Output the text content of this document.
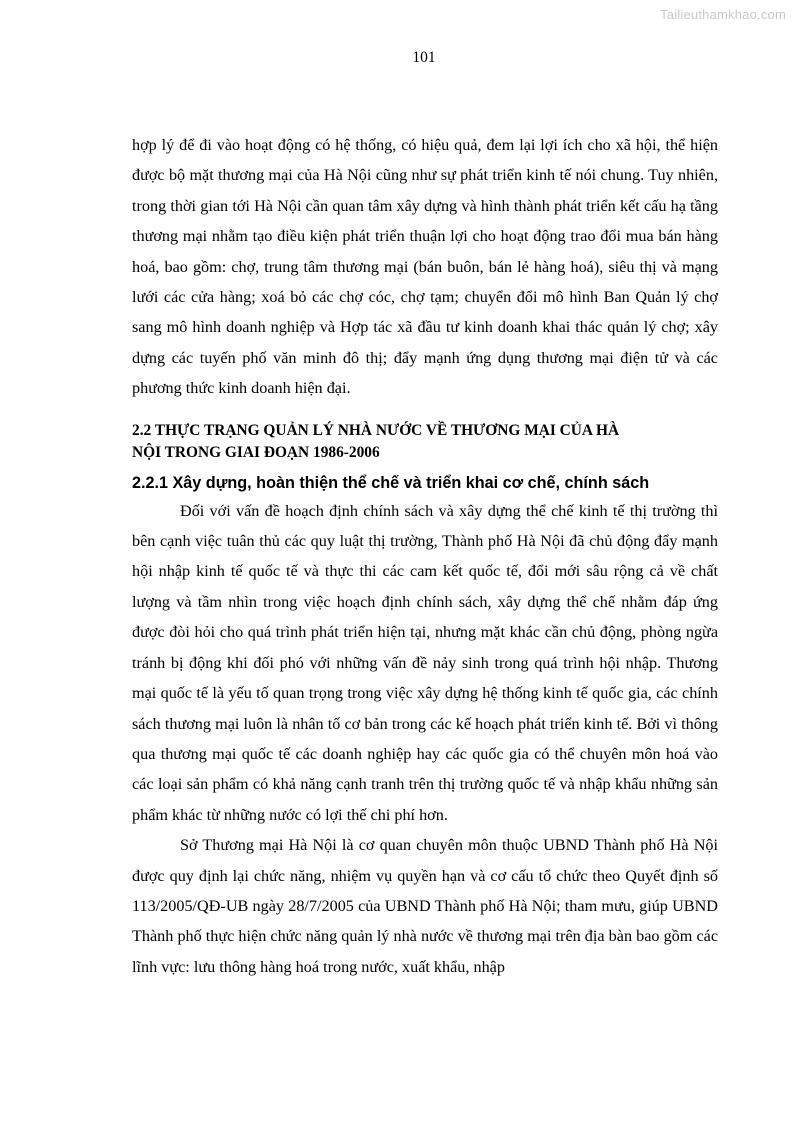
Tailieuthamkhao.com
101

hợp lý để đi vào hoạt động có hệ thống, có hiệu quả, đem lại lợi ích cho xã hội, thể hiện được bộ mặt thương mại của Hà Nội cũng như sự phát triển kinh tế nói chung. Tuy nhiên, trong thời gian tới Hà Nội cần quan tâm xây dựng và hình thành phát triển kết cấu hạ tầng thương mại nhằm tạo điều kiện phát triển thuận lợi cho hoạt động trao đổi mua bán hàng hoá, bao gồm: chợ, trung tâm thương mại (bán buôn, bán lẻ hàng hoá), siêu thị và mạng lưới các cửa hàng; xoá bỏ các chợ cóc, chợ tạm; chuyển đổi mô hình Ban Quản lý chợ sang mô hình doanh nghiệp và Hợp tác xã đầu tư kinh doanh khai thác quản lý chợ; xây dựng các tuyến phố văn minh đô thị; đẩy mạnh ứng dụng thương mại điện tử và các phương thức kinh doanh hiện đại.

2.2 THỰC TRẠNG QUẢN LÝ NHÀ NƯỚC VỀ THƯƠNG MẠI CỦA HÀ
NỘI TRONG GIAI ĐOẠN 1986-2006
2.2.1 Xây dựng, hoàn thiện thể chế và triển khai cơ chế, chính sách

Đối với vấn đề hoạch định chính sách và xây dựng thể chế kinh tế thị trường thì bên cạnh việc tuân thủ các quy luật thị trường, Thành phố Hà Nội đã chủ động đẩy mạnh hội nhập kinh tế quốc tế và thực thi các cam kết quốc tế, đổi mới sâu rộng cả về chất lượng và tầm nhìn trong việc hoạch định chính sách, xây dựng thể chế nhằm đáp ứng được đòi hỏi cho quá trình phát triển hiện tại, nhưng mặt khác cần chủ động, phòng ngừa tránh bị động khi đối phó với những vấn đề nảy sinh trong quá trình hội nhập. Thương mại quốc tế là yếu tố quan trọng trong việc xây dựng hệ thống kinh tế quốc gia, các chính sách thương mại luôn là nhân tố cơ bản trong các kế hoạch phát triển kinh tế. Bởi vì thông qua thương mại quốc tế các doanh nghiệp hay các quốc gia có thể chuyên môn hoá vào các loại sản phẩm có khả năng cạnh tranh trên thị trường quốc tế và nhập khẩu những sản phẩm khác từ những nước có lợi thế chi phí hơn.

Sở Thương mại Hà Nội là cơ quan chuyên môn thuộc UBND Thành phố Hà Nội được quy định lại chức năng, nhiệm vụ quyền hạn và cơ cấu tổ chức theo Quyết định số 113/2005/QĐ-UB ngày 28/7/2005 của UBND Thành phố Hà Nội; tham mưu, giúp UBND Thành phố thực hiện chức năng quản lý nhà nước về thương mại trên địa bàn bao gồm các lĩnh vực: lưu thông hàng hoá trong nước, xuất khẩu, nhập
